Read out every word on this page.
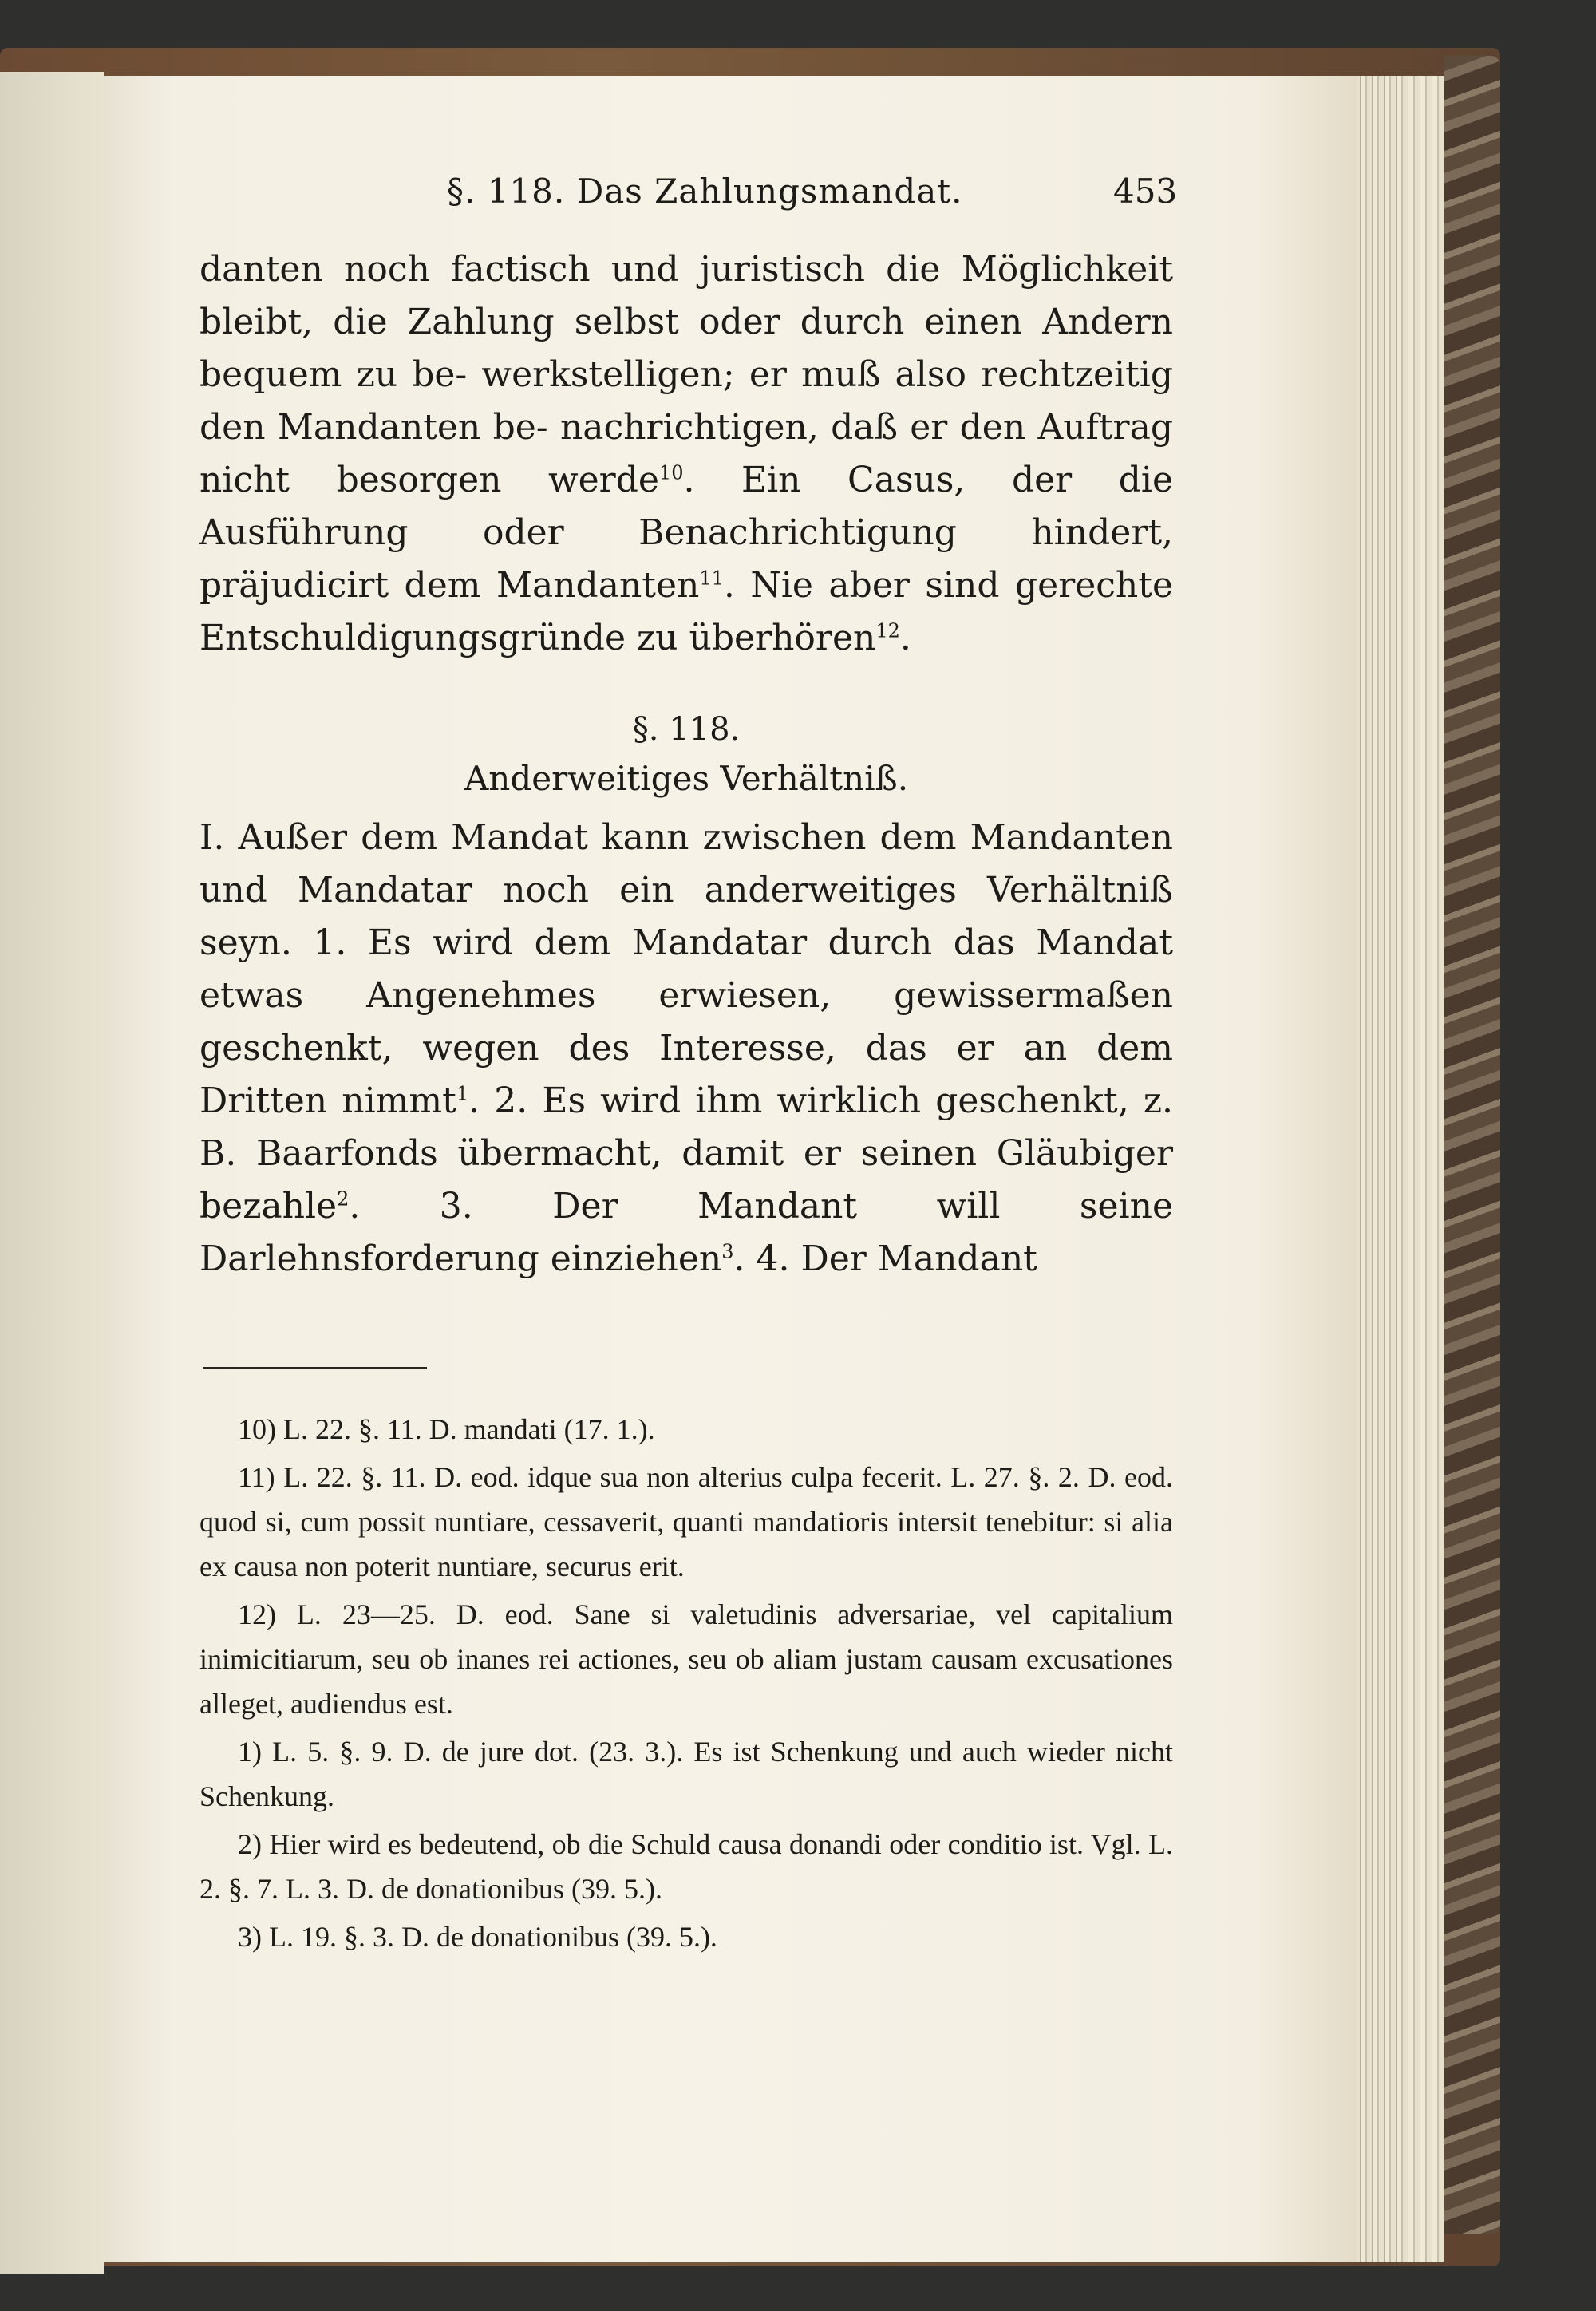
§. 118. Das Zahlungsmandat.	453

danten noch factisch und juristisch die Möglichkeit bleibt, die Zahlung selbst oder durch einen Andern bequem zu be- werkstelligen; er muß also rechtzeitig den Mandanten be- nachrichtigen, daß er den Auftrag nicht besorgen werde$^{10}$. Ein Casus, der die Ausführung oder Benachrichtigung hindert, präjudicirt dem Mandanten$^{11}$. Nie aber sind gerechte Entschuldigungsgründe zu überhören$^{12}$.

§. 118.
Anderweitiges Verhältniß.

I. Außer dem Mandat kann zwischen dem Mandanten und Mandatar noch ein anderweitiges Verhältniß seyn. 1. Es wird dem Mandatar durch das Mandat etwas Angenehmes erwiesen, gewissermaßen geschenkt, wegen des Interesse, das er an dem Dritten nimmt$^1$. 2. Es wird ihm wirklich geschenkt, z. B. Baarfonds übermacht, damit er seinen Gläubiger bezahle$^2$. 3. Der Mandant will seine Darlehnsforderung einziehen$^3$. 4. Der Mandant

10) L. 22. §. 11. D. mandati (17. 1.).

11) L. 22. §. 11. D. eod. idque sua non alterius culpa fecerit. L. 27. §. 2. D. eod. quod si, cum possit nuntiare, cessaverit, quanti mandatioris intersit tenebitur: si alia ex causa non poterit nuntiare, securus erit.

12) L. 23—25. D. eod. Sane si valetudinis adversariae, vel capitalium inimicitiarum, seu ob inanes rei actiones, seu ob aliam justam causam excusationes alleget, audiendus est.

1) L. 5. §. 9. D. de jure dot. (23. 3.). Es ist Schenkung und auch wieder nicht Schenkung.

2) Hier wird es bedeutend, ob die Schuld causa donandi oder conditio ist. Vgl. L. 2. §. 7. L. 3. D. de donationibus (39. 5.).

3) L. 19. §. 3. D. de donationibus (39. 5.).
